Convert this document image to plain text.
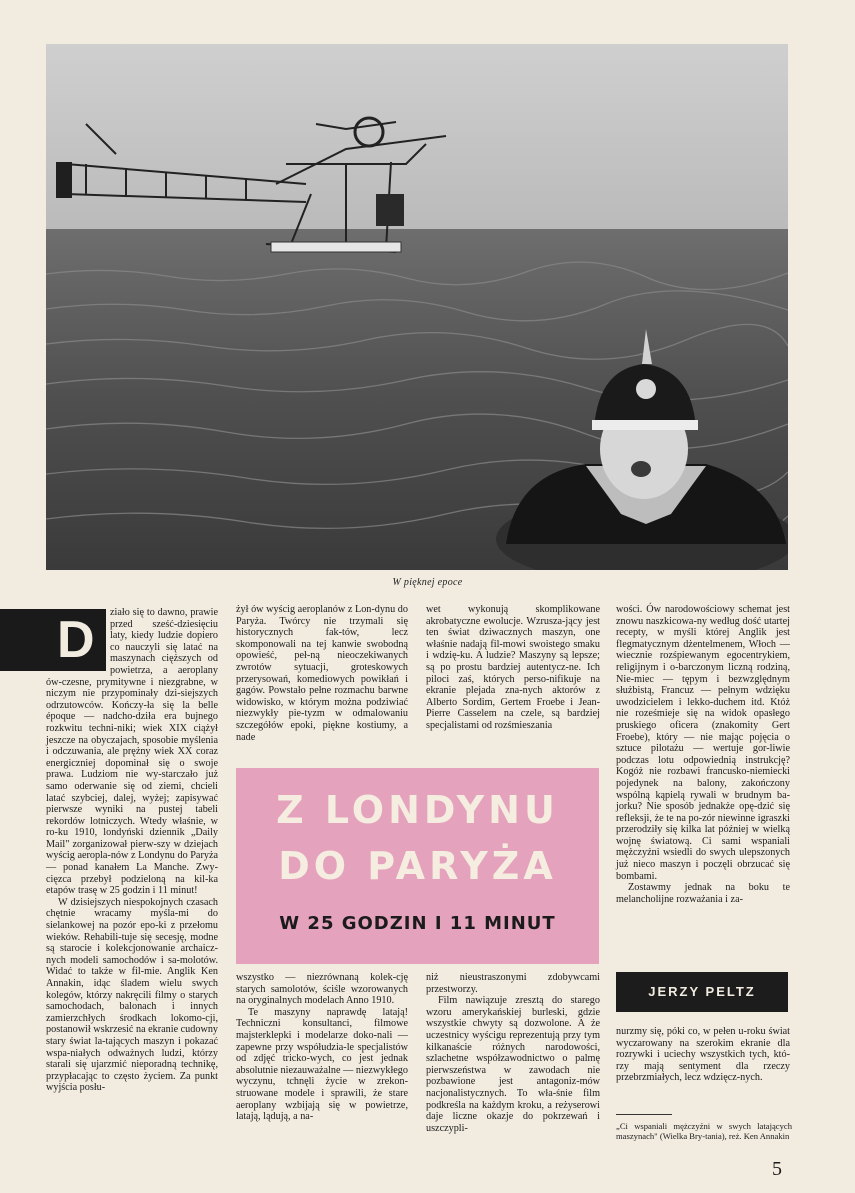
W pięknej epoce
D	ziało się to dawno, prawie przed sześć-dziesięciu laty, kiedy ludzie dopiero co nauczyli się latać na maszynach cięższych od powietrza, a aeroplany ów-czesne, prymitywne i niezgrabne, w niczym nie przypominały dzi-siejszych odrzutowców. Kończy-ła się la belle époque — nadcho-dziła era bujnego rozkwitu techni-niki; wiek XIX ciążył jeszcze na obyczajach, sposobie myślenia i odczuwania, ale prężny wiek XX coraz energiczniej dopominał się o swoje prawa. Ludziom nie wy-starczało już samo oderwanie się od ziemi, chcieli latać szybciej, dalej, wyżej; zapisywać pierwsze wyniki na pustej tabeli rekordów lotniczych. Wtedy właśnie, w ro-ku 1910, londyński dziennik „Daily Mail" zorganizował pierw-szy w dziejach wyścig aeropla-nów z Londynu do Paryża — ponad kanałem La Manche. Zwy-cięzca przebył podzieloną na kil-ka etapów trasę w 25 godzin i 11 minut!

W dzisiejszych niespokojnych czasach chętnie wracamy myśla-mi do sielankowej na pozór epo-ki z przełomu wieków. Rehabili-tuje się secesję, modne są starocie i kolekcjonowanie archaicz-nych modeli samochodów i sa-molotów. Widać to także w fil-mie. Anglik Ken Annakin, idąc śladem wielu swych kolegów, którzy nakręcili filmy o starych samochodach, balonach i innych zamierzchłych środkach lokomo-cji, postanowił wskrzesić na ekranie cudowny stary świat la-tających maszyn i pokazać wspa-niałych odważnych ludzi, którzy starali się ujarzmić nieporadną technikę, przypłacając to często życiem. Za punkt wyjścia posłu-

żył ów wyścig aeroplanów z Lon-dynu do Paryża. Twórcy nie trzymali się historycznych fak-tów, lecz skomponowali na tej kanwie swobodną opowieść, peł-ną nieoczekiwanych zwrotów sytuacji, groteskowych przerysowań, komediowych powikłań i gagów. Powstało pełne rozmachu barwne widowisko, w którym można podziwiać niezwykły pie-tyzm w odmalowaniu szczegółów epoki, piękne kostiumy, a nade

wet wykonują skomplikowane akrobatyczne ewolucje. Wzrusza-jący jest ten świat dziwacznych maszyn, one właśnie nadają fil-mowi swoistego smaku i wdzię-ku. A ludzie? Maszyny są lepsze; są po prostu bardziej autentycz-ne. Ich piloci zaś, których perso-nifikuje na ekranie plejada zna-nych aktorów z Alberto Sordim, Gertem Froebe i Jean-Pierre Casselem na czele, są bardziej specjalistami od rozśmieszania

wości. Ów narodowościowy schemat jest znowu naszkicowa-ny według dość utartej recepty, w myśli której Anglik jest flegmatycznym dżentelmenem, Włoch — wiecznie rozśpiewanym egocentrykiem, religijnym i o-barczonym liczną rodziną, Nie-miec — tępym i bezwzględnym służbistą, Francuz — pełnym wdzięku uwodzicielem i lekko-duchem itd. Któż nie roześmieje się na widok opasłego pruskiego oficera (znakomity Gert Froebe), który — nie mając pojęcia o sztuce pilotażu — wertuje gor-liwie podczas lotu odpowiednią instrukcję? Kogóż nie rozbawi francusko-niemiecki pojedynek na balony, zakończony wspólną kąpielą rywali w brudnym ba-jorku? Nie sposób jednakże opę-dzić się refleksji, że te na po-zór niewinne igraszki przerodziły się kilka lat później w wielką wojnę światową. Ci sami wspaniali mężczyźni wsiedli do swych ulepszonych już nieco maszyn i poczęli obrzucać się bombami.

Zostawmy jednak na boku te melancholijne rozważania i za-

Z LONDYNU
DO PARYŻA
W 25 GODZIN I 11 MINUT

wszystko — niezrównaną kolek-cję starych samolotów, ściśle wzorowanych na oryginalnych modelach Anno 1910.

Te maszyny naprawdę latają! Techniczni konsultanci, filmowe majsterklepki i modelarze doko-nali — zapewne przy współudzia-le specjalistów od zdjęć tricko-wych, co jest jednak absolutnie niezauważalne — niezwykłego wyczynu, tchnęli życie w zrekon-struowane modele i sprawili, że stare aeroplany wzbijają się w powietrze, latają, lądują, a na-

niż nieustraszonymi zdobywcami przestworzy.

Film nawiązuje zresztą do starego wzoru amerykańskiej burleski, gdzie wszystkie chwyty są dozwolone. A że uczestnicy wyścigu reprezentują przy tym kilkanaście różnych narodowości, szlachetne współzawodnictwo o palmę pierwszeństwa w zawodach nie pozbawione jest antagoniz-mów nacjonalistycznych. To wła-śnie film podkreśla na każdym kroku, a reżyserowi daje liczne okazje do pokrzewań i uszczypli-

JERZY PELTZ

nurzmy się, póki co, w pełen u-roku świat wyczarowany na szerokim ekranie dla rozrywki i uciechy wszystkich tych, któ-rzy mają sentyment dla rzeczy przebrzmiałych, lecz wdzięcz-nych.

„Ci wspaniali mężczyźni w swych latających maszynach" (Wielka Bry-tania), reż. Ken Annakin
5
